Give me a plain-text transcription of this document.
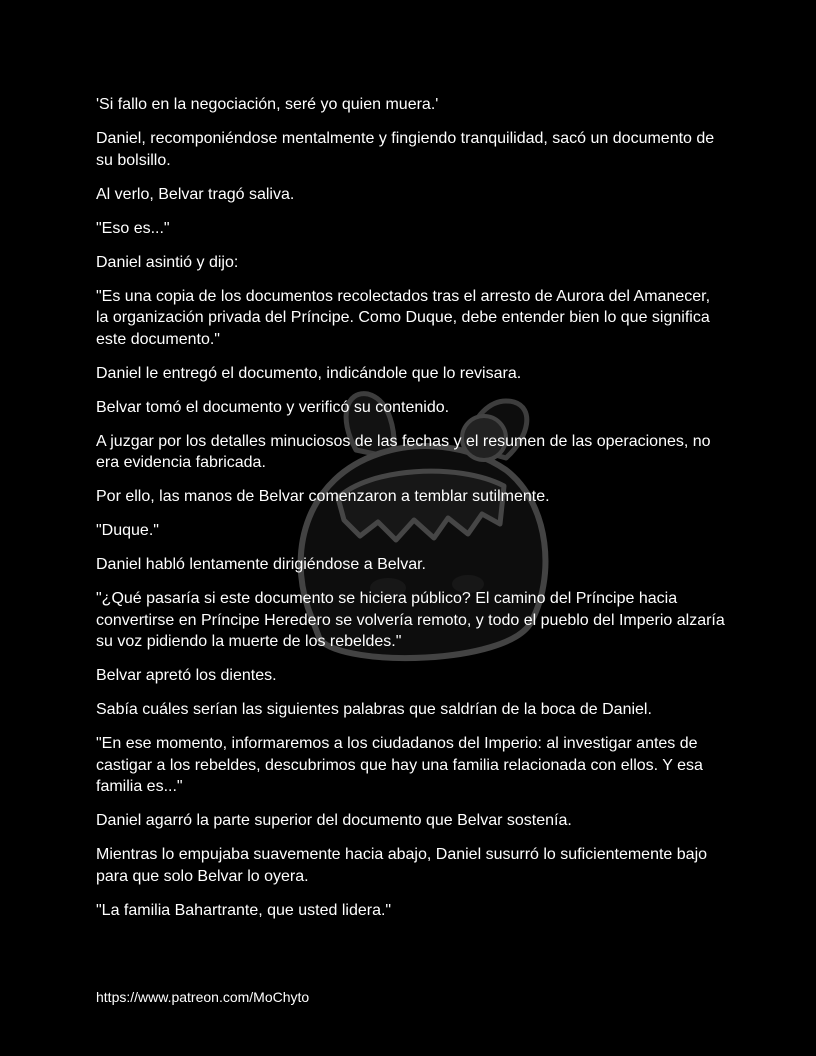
'Si fallo en la negociación, seré yo quien muera.'

Daniel, recomponiéndose mentalmente y fingiendo tranquilidad, sacó un documento de su bolsillo.

Al verlo, Belvar tragó saliva.

"Eso es..."

Daniel asintió y dijo:

"Es una copia de los documentos recolectados tras el arresto de Aurora del Amanecer, la organización privada del Príncipe. Como Duque, debe entender bien lo que significa este documento."

Daniel le entregó el documento, indicándole que lo revisara.

Belvar tomó el documento y verificó su contenido.

A juzgar por los detalles minuciosos de las fechas y el resumen de las operaciones, no era evidencia fabricada.

Por ello, las manos de Belvar comenzaron a temblar sutilmente.

"Duque."

Daniel habló lentamente dirigiéndose a Belvar.

"¿Qué pasaría si este documento se hiciera público? El camino del Príncipe hacia convertirse en Príncipe Heredero se volvería remoto, y todo el pueblo del Imperio alzaría su voz pidiendo la muerte de los rebeldes."

Belvar apretó los dientes.

Sabía cuáles serían las siguientes palabras que saldrían de la boca de Daniel.

"En ese momento, informaremos a los ciudadanos del Imperio: al investigar antes de castigar a los rebeldes, descubrimos que hay una familia relacionada con ellos. Y esa familia es..."

Daniel agarró la parte superior del documento que Belvar sostenía.

Mientras lo empujaba suavemente hacia abajo, Daniel susurró lo suficientemente bajo para que solo Belvar lo oyera.

"La familia Bahartrante, que usted lidera."

https://www.patreon.com/MoChyto
